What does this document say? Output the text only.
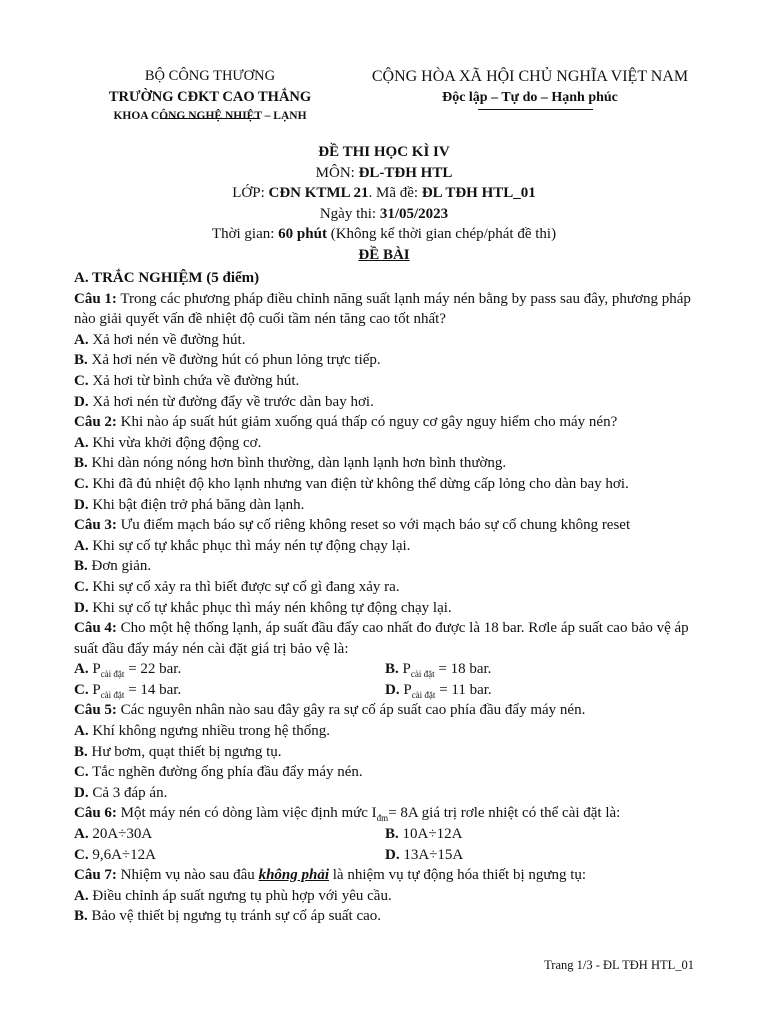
BỘ CÔNG THƯƠNG
TRƯỜNG CĐKT CAO THẮNG
KHOA CÔNG NGHỆ NHIỆT – LẠNH
CỘNG HÒA XÃ HỘI CHỦ NGHĨA VIỆT NAM
Độc lập – Tự do – Hạnh phúc
ĐỀ THI HỌC KÌ IV
MÔN: ĐL-TĐH HTL
LỚP: CĐN KTML 21. Mã đề: ĐL TĐH HTL_01
Ngày thi: 31/05/2023
Thời gian: 60 phút (Không kể thời gian chép/phát đề thi)
ĐỀ BÀI

A. TRẮC NGHIỆM (5 điểm)

Câu 1: Trong các phương pháp điều chỉnh năng suất lạnh máy nén bằng by pass sau đây, phương pháp nào giải quyết vấn đề nhiệt độ cuối tầm nén tăng cao tốt nhất?

A. Xả hơi nén về đường hút.

B. Xả hơi nén về đường hút có phun lỏng trực tiếp.

C. Xả hơi từ bình chứa về đường hút.

D. Xả hơi nén từ đường đẩy về trước dàn bay hơi.

Câu 2: Khi nào áp suất hút giảm xuống quá thấp có nguy cơ gây nguy hiểm cho máy nén?

A. Khi vừa khởi động động cơ.

B. Khi dàn nóng nóng hơn bình thường, dàn lạnh lạnh hơn bình thường.

C. Khi đã đủ nhiệt độ kho lạnh nhưng van điện từ không thể dừng cấp lỏng cho dàn bay hơi.

D. Khi bật điện trở phá băng dàn lạnh.

Câu 3: Ưu điểm mạch báo sự cố riêng không reset so với mạch báo sự cố chung không reset

A. Khi sự cố tự khắc phục thì máy nén tự động chạy lại.

B. Đơn giản.

C. Khi sự cố xảy ra thì biết được sự cố gì đang xảy ra.

D. Khi sự cố tự khắc phục thì máy nén không tự động chạy lại.

Câu 4: Cho một hệ thống lạnh, áp suất đầu đẩy cao nhất đo được là 18 bar. Rơle áp suất cao bảo vệ áp suất đầu đẩy máy nén cài đặt giá trị bảo vệ là:

A. $P_{cài đặt} = 22$ bar.	B. $P_{cài đặt} = 18$ bar.
C. $P_{cài đặt} = 14$ bar.	D. $P_{cài đặt} = 11$ bar.

Câu 5: Các nguyên nhân nào sau đây gây ra sự cố áp suất cao phía đầu đẩy máy nén.

A. Khí không ngưng nhiều trong hệ thống.

B. Hư bơm, quạt thiết bị ngưng tụ.

C. Tắc nghẽn đường ống phía đầu đẩy máy nén.

D. Cả 3 đáp án.

Câu 6: Một máy nén có dòng làm việc định mức $I_{đm}= 8A$ giá trị rơle nhiệt có thể cài đặt là:

A. 20A÷30A	B. 10A÷12A
C. 9,6A÷12A	D. 13A÷15A

Câu 7: Nhiệm vụ nào sau đâu không phải là nhiệm vụ tự động hóa thiết bị ngưng tụ:

A. Điều chỉnh áp suất ngưng tụ phù hợp với yêu cầu.

B. Bảo vệ thiết bị ngưng tụ tránh sự cố áp suất cao.

Trang 1/3 - ĐL TĐH HTL_01
